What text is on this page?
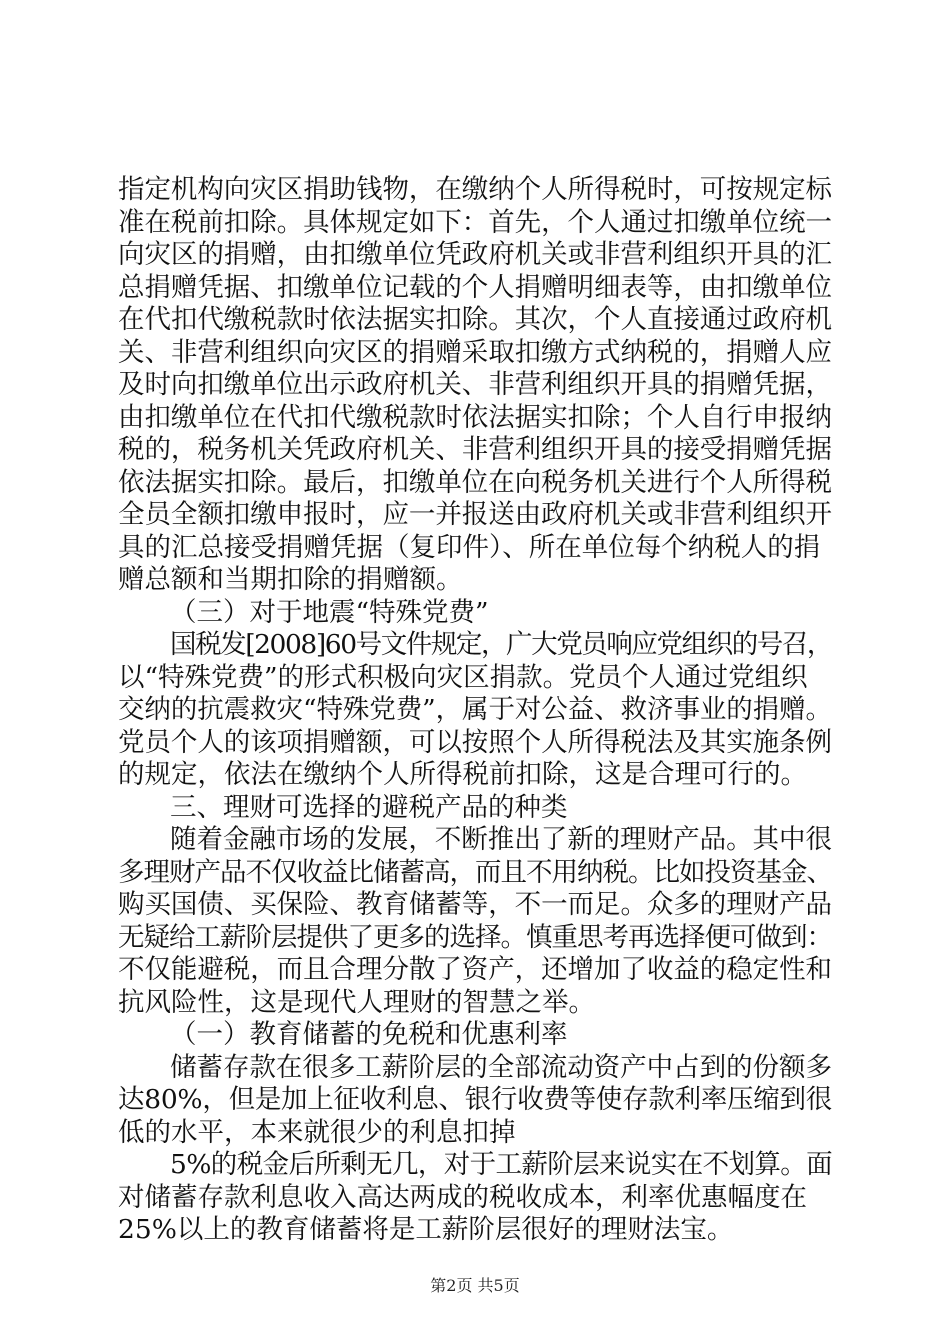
指定机构向灾区捐助钱物，在缴纳个人所得税时，可按规定标
准在税前扣除。具体规定如下：首先，个人通过扣缴单位统一
向灾区的捐赠，由扣缴单位凭政府机关或非营利组织开具的汇
总捐赠凭据、扣缴单位记载的个人捐赠明细表等，由扣缴单位
在代扣代缴税款时依法据实扣除。其次，个人直接通过政府机
关、非营利组织向灾区的捐赠采取扣缴方式纳税的，捐赠人应
及时向扣缴单位出示政府机关、非营利组织开具的捐赠凭据，
由扣缴单位在代扣代缴税款时依法据实扣除；个人自行申报纳
税的，税务机关凭政府机关、非营利组织开具的接受捐赠凭据
依法据实扣除。最后，扣缴单位在向税务机关进行个人所得税
全员全额扣缴申报时，应一并报送由政府机关或非营利组织开
具的汇总接受捐赠凭据（复印件）、所在单位每个纳税人的捐
赠总额和当期扣除的捐赠额。
（三）对于地震“特殊党费”
国税发[2008]60号文件规定，广大党员响应党组织的号召，
以“特殊党费”的形式积极向灾区捐款。党员个人通过党组织
交纳的抗震救灾“特殊党费”，属于对公益、救济事业的捐赠。
党员个人的该项捐赠额，可以按照个人所得税法及其实施条例
的规定，依法在缴纳个人所得税前扣除，这是合理可行的。
三、理财可选择的避税产品的种类
随着金融市场的发展，不断推出了新的理财产品。其中很
多理财产品不仅收益比储蓄高，而且不用纳税。比如投资基金、
购买国债、买保险、教育储蓄等，不一而足。众多的理财产品
无疑给工薪阶层提供了更多的选择。慎重思考再选择便可做到：
不仅能避税，而且合理分散了资产，还增加了收益的稳定性和
抗风险性，这是现代人理财的智慧之举。
（一）教育储蓄的免税和优惠利率
储蓄存款在很多工薪阶层的全部流动资产中占到的份额多
达80%，但是加上征收利息、银行收费等使存款利率压缩到很
低的水平，本来就很少的利息扣掉
5%的税金后所剩无几，对于工薪阶层来说实在不划算。面
对储蓄存款利息收入高达两成的税收成本，利率优惠幅度在
25%以上的教育储蓄将是工薪阶层很好的理财法宝。
第2页 共5页
